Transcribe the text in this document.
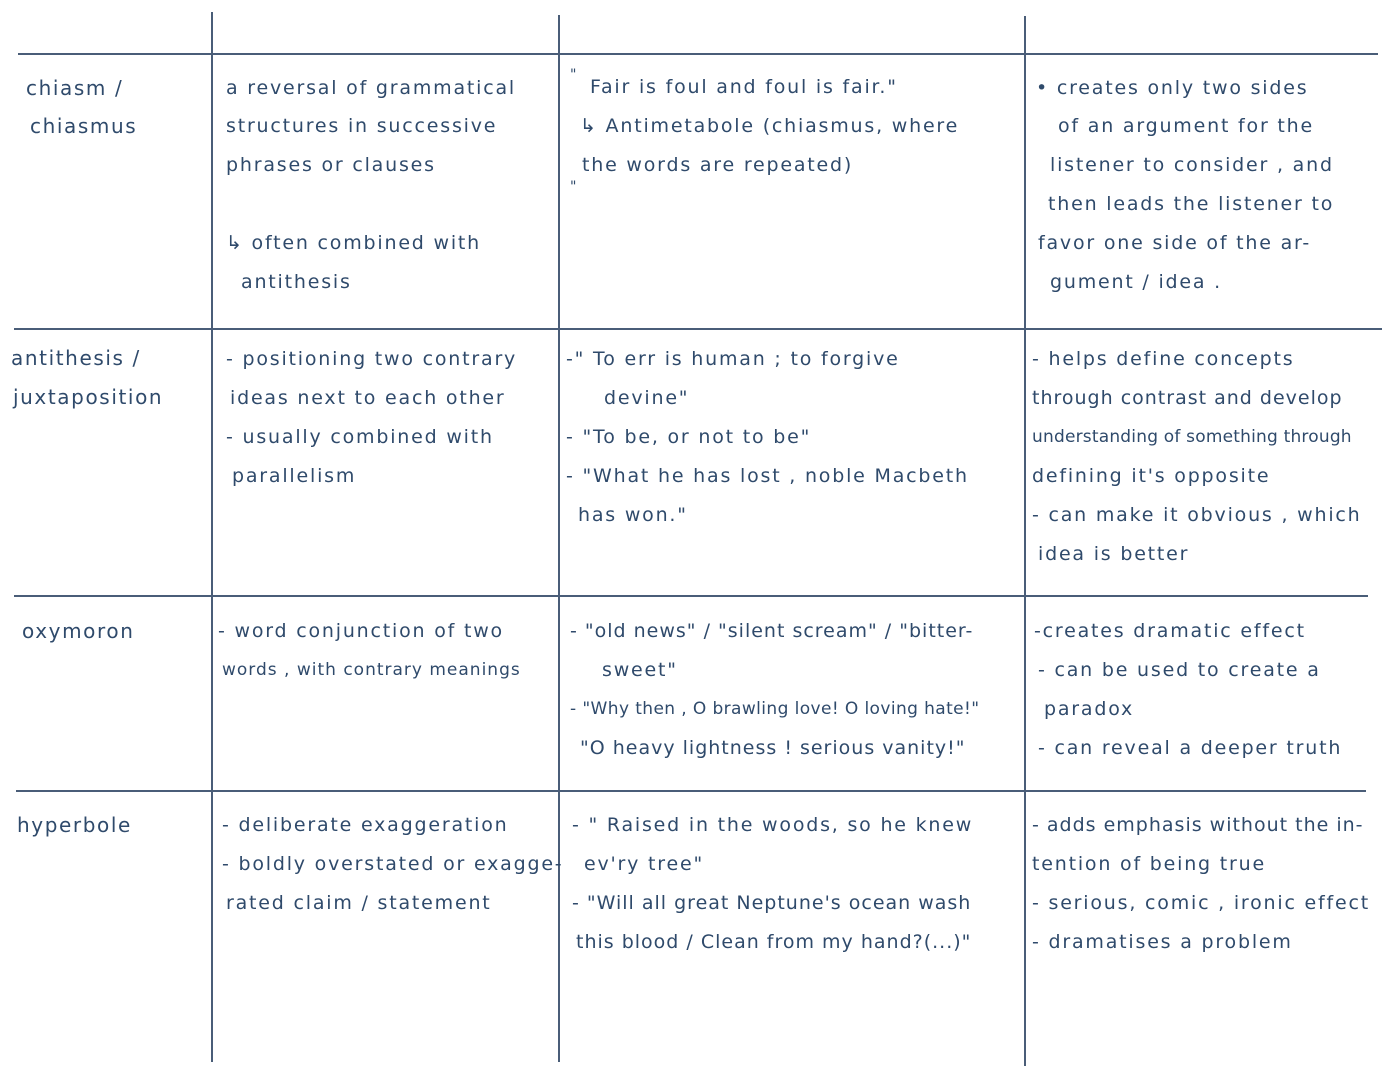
chiasm /
chiasmus
a reversal of grammatical
structures in successive
phrases or clauses
↳ often combined with
antithesis
"
Fair is foul and foul is fair."
↳ Antimetabole (chiasmus, where
the words are repeated)
"
• creates only two sides
of an argument for the
listener to consider , and
then leads the listener to
favor one side of the ar-
gument / idea .
antithesis /
juxtaposition
- positioning two contrary
ideas next to each other
- usually combined with
parallelism
-" To err is human ; to forgive
devine"
- "To be, or not to be"
- "What he has lost , noble Macbeth
has won."
- helps define concepts
through contrast and develop
understanding of something through
defining it's opposite
- can make it obvious , which
idea is better
oxymoron	- word conjunction of two
words , with contrary meanings
- "old news" / "silent scream" / "bitter-
sweet"
- "Why then , O brawling love! O loving hate!"
"O heavy lightness ! serious vanity!"
-creates dramatic effect
- can be used to create a
paradox
- can reveal a deeper truth
hyperbole	- deliberate exaggeration
- boldly overstated or exagge-
rated claim / statement
- " Raised in the woods, so he knew
ev'ry tree"
- "Will all great Neptune's ocean wash
this blood / Clean from my hand?(...)"
- adds emphasis without the in-
tention of being true
- serious, comic , ironic effect
- dramatises a problem
